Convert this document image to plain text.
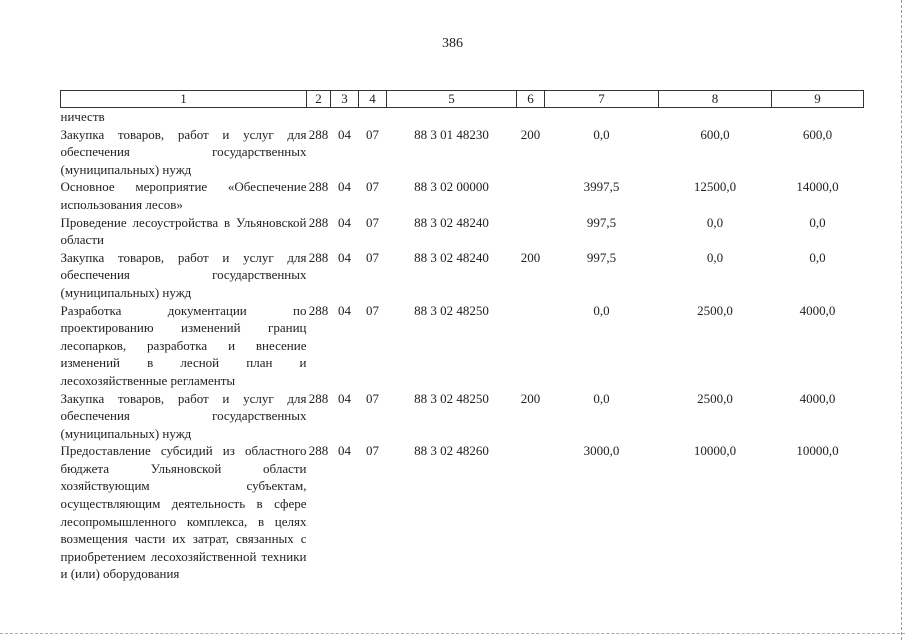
386
1	2	3	4	5	6	7	8	9
ничеств								
Закупка товаров, работ и услуг для обеспечения государственных (муниципальных) нужд	288	04	07	88 3 01 48230	200	0,0	600,0	600,0
Основное мероприятие «Обеспечение использования лесов»	288	04	07	88 3 02 00000		3997,5	12500,0	14000,0
Проведение лесоустройства в Ульяновской области	288	04	07	88 3 02 48240		997,5	0,0	0,0
Закупка товаров, работ и услуг для обеспечения государственных (муниципальных) нужд	288	04	07	88 3 02 48240	200	997,5	0,0	0,0
Разработка документации по проектированию изменений границ лесопарков, разработка и внесение изменений в лесной план и лесохозяйственные регламенты	288	04	07	88 3 02 48250		0,0	2500,0	4000,0
Закупка товаров, работ и услуг для обеспечения государственных (муниципальных) нужд	288	04	07	88 3 02 48250	200	0,0	2500,0	4000,0
Предоставление субсидий из областного бюджета Ульяновской области хозяйствующим субъектам, осуществляющим деятельность в сфере лесопромышленного комплекса, в целях возмещения части их затрат, связанных с приобретением лесохозяйственной техники и (или) оборудования	288	04	07	88 3 02 48260		3000,0	10000,0	10000,0
